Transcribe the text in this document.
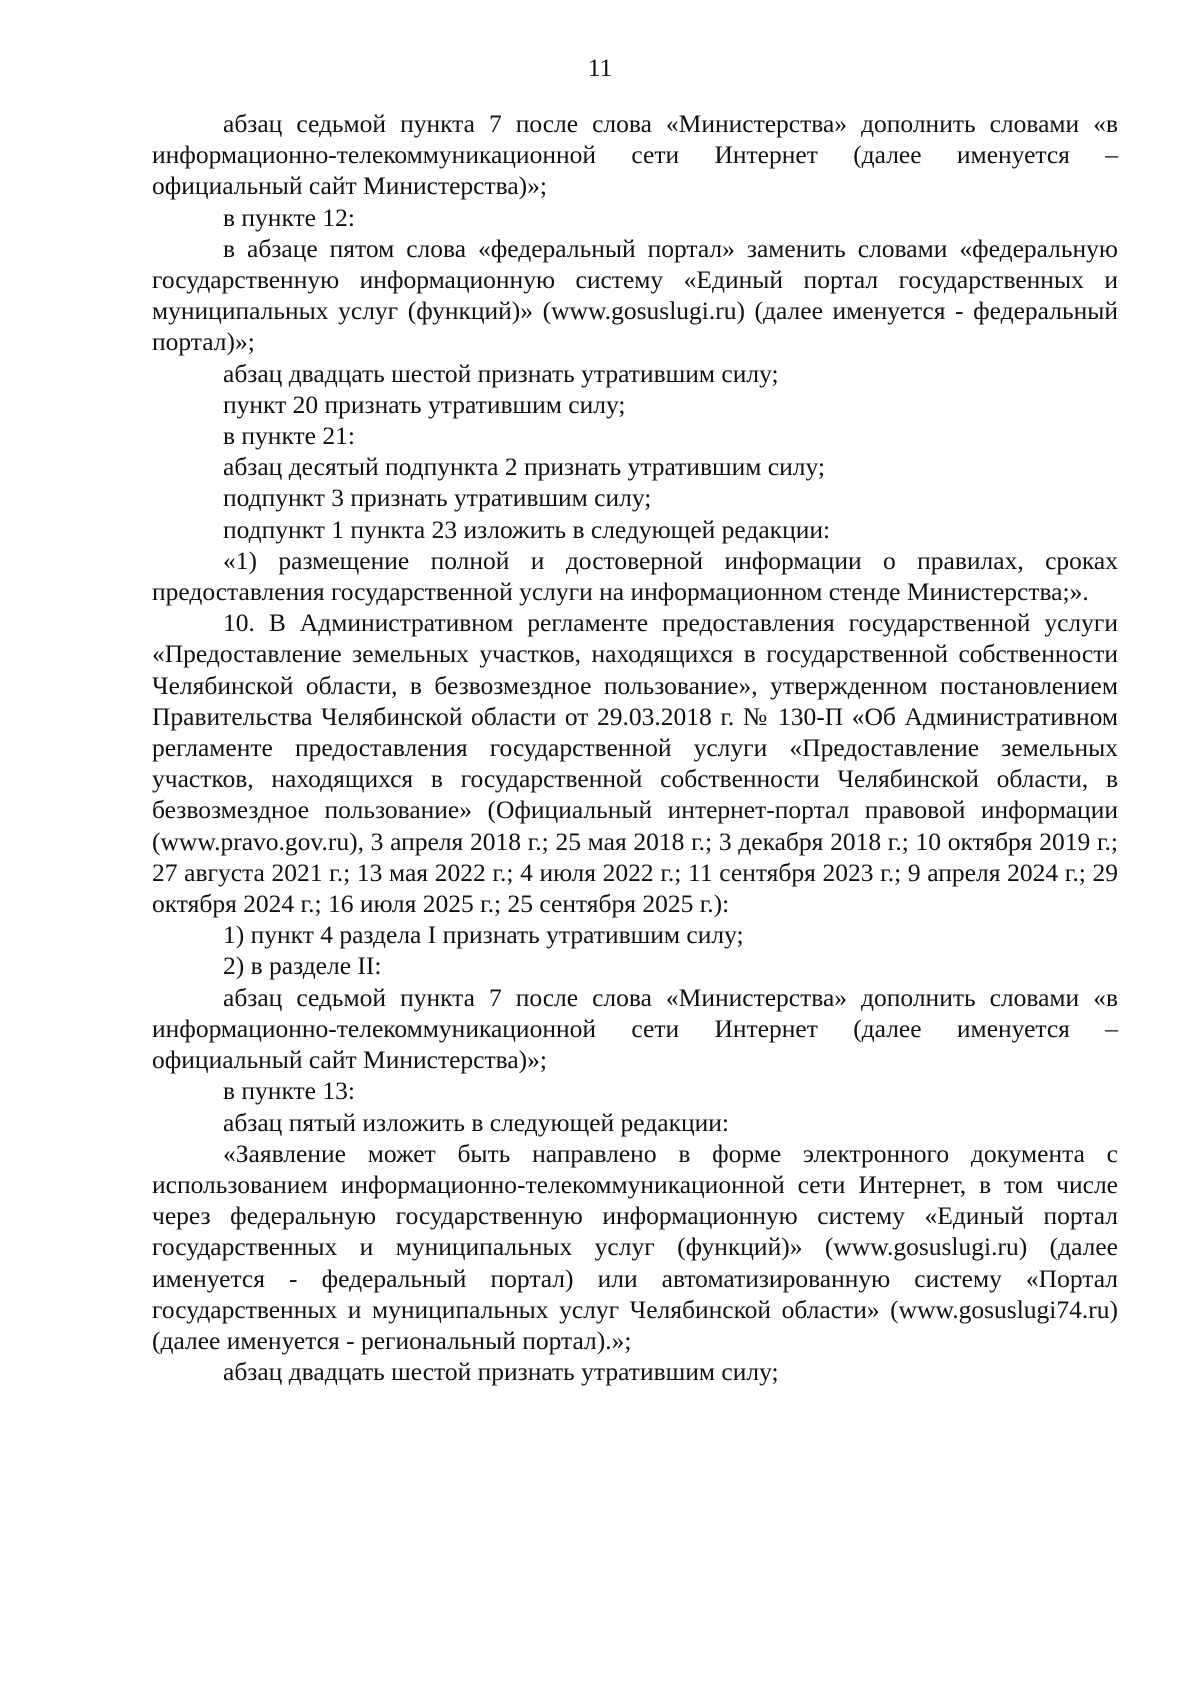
11

абзац седьмой пункта 7 после слова «Министерства» дополнить словами «в информационно-телекоммуникационной сети Интернет (далее именуется – официальный сайт Министерства)»;

в пункте 12:

в абзаце пятом слова «федеральный портал» заменить словами «федеральную государственную информационную систему «Единый портал государственных и муниципальных услуг (функций)» (www.gosuslugi.ru) (далее именуется - федеральный портал)»;

абзац двадцать шестой признать утратившим силу;

пункт 20 признать утратившим силу;

в пункте 21:

абзац десятый подпункта 2 признать утратившим силу;

подпункт 3 признать утратившим силу;

подпункт 1 пункта 23 изложить в следующей редакции:

«1) размещение полной и достоверной информации о правилах, сроках предоставления государственной услуги на информационном стенде Министерства;».

10. В Административном регламенте предоставления государственной услуги «Предоставление земельных участков, находящихся в государственной собственности Челябинской области, в безвозмездное пользование», утвержденном постановлением Правительства Челябинской области от 29.03.2018 г. № 130-П «Об Административном регламенте предоставления государственной услуги «Предоставление земельных участков, находящихся в государственной собственности Челябинской области, в безвозмездное пользование» (Официальный интернет-портал правовой информации (www.pravo.gov.ru), 3 апреля 2018 г.; 25 мая 2018 г.; 3 декабря 2018 г.; 10 октября 2019 г.; 27 августа 2021 г.; 13 мая 2022 г.; 4 июля 2022 г.; 11 сентября 2023 г.; 9 апреля 2024 г.; 29 октября 2024 г.; 16 июля 2025 г.; 25 сентября 2025 г.):

1) пункт 4 раздела I признать утратившим силу;

2) в разделе II:

абзац седьмой пункта 7 после слова «Министерства» дополнить словами «в информационно-телекоммуникационной сети Интернет (далее именуется – официальный сайт Министерства)»;

в пункте 13:

абзац пятый изложить в следующей редакции:

«Заявление может быть направлено в форме электронного документа с использованием информационно-телекоммуникационной сети Интернет, в том числе через федеральную государственную информационную систему «Единый портал государственных и муниципальных услуг (функций)» (www.gosuslugi.ru) (далее именуется - федеральный портал) или автоматизированную систему «Портал государственных и муниципальных услуг Челябинской области» (www.gosuslugi74.ru) (далее именуется - региональный портал).»;

абзац двадцать шестой признать утратившим силу;
